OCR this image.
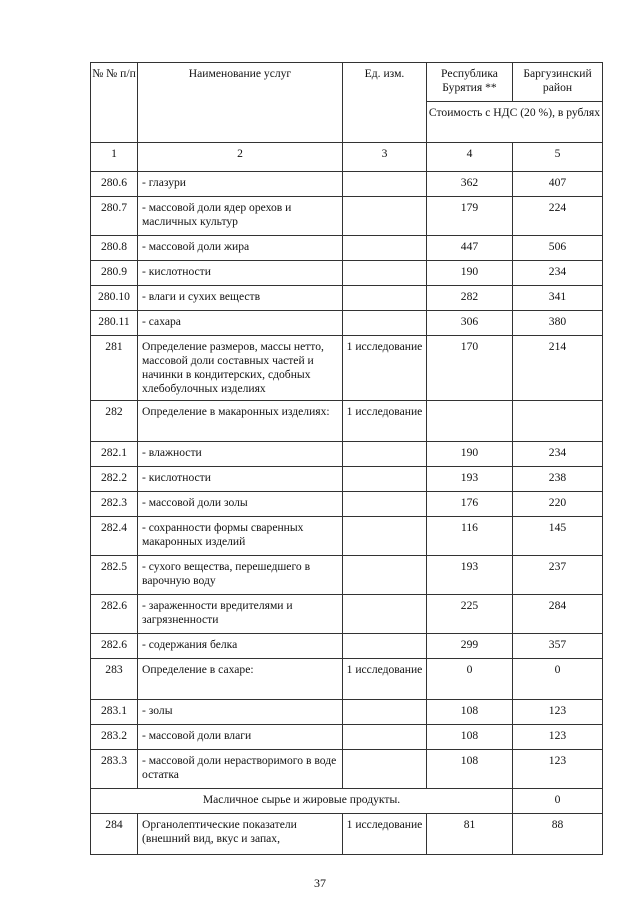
№ № п/п	Наименование услуг	Ед. изм.	Республика Бурятия **	Баргузинский район
			Стоимость с НДС (20 %), в рублях	
1	2	3	4	5
280.6	- глазури		362	407
280.7	- массовой доли ядер орехов и масличных культур		179	224
280.8	- массовой доли жира		447	506
280.9	- кислотности		190	234
280.10	- влаги и сухих веществ		282	341
280.11	- сахара		306	380
281	Определение размеров, массы нетто, массовой доли составных частей и начинки в кондитерских, сдобных хлебобулочных изделиях	1 исследование	170	214
282	Определение в макаронных изделиях:	1 исследование		
282.1	- влажности		190	234
282.2	- кислотности		193	238
282.3	- массовой доли золы		176	220
282.4	- сохранности формы сваренных макаронных изделий		116	145
282.5	- сухого вещества, перешедшего в варочную воду		193	237
282.6	- зараженности вредителями и загрязненности		225	284
282.6	- содержания белка		299	357
283	Определение в сахаре:	1 исследование	0	0
283.1	- золы		108	123
283.2	- массовой доли влаги		108	123
283.3	- массовой доли нерастворимого в воде остатка		108	123
Масличное сырье и жировые продукты.				0
284	Органолептические показатели (внешний вид, вкус и запах,	1 исследование	81	88
37
